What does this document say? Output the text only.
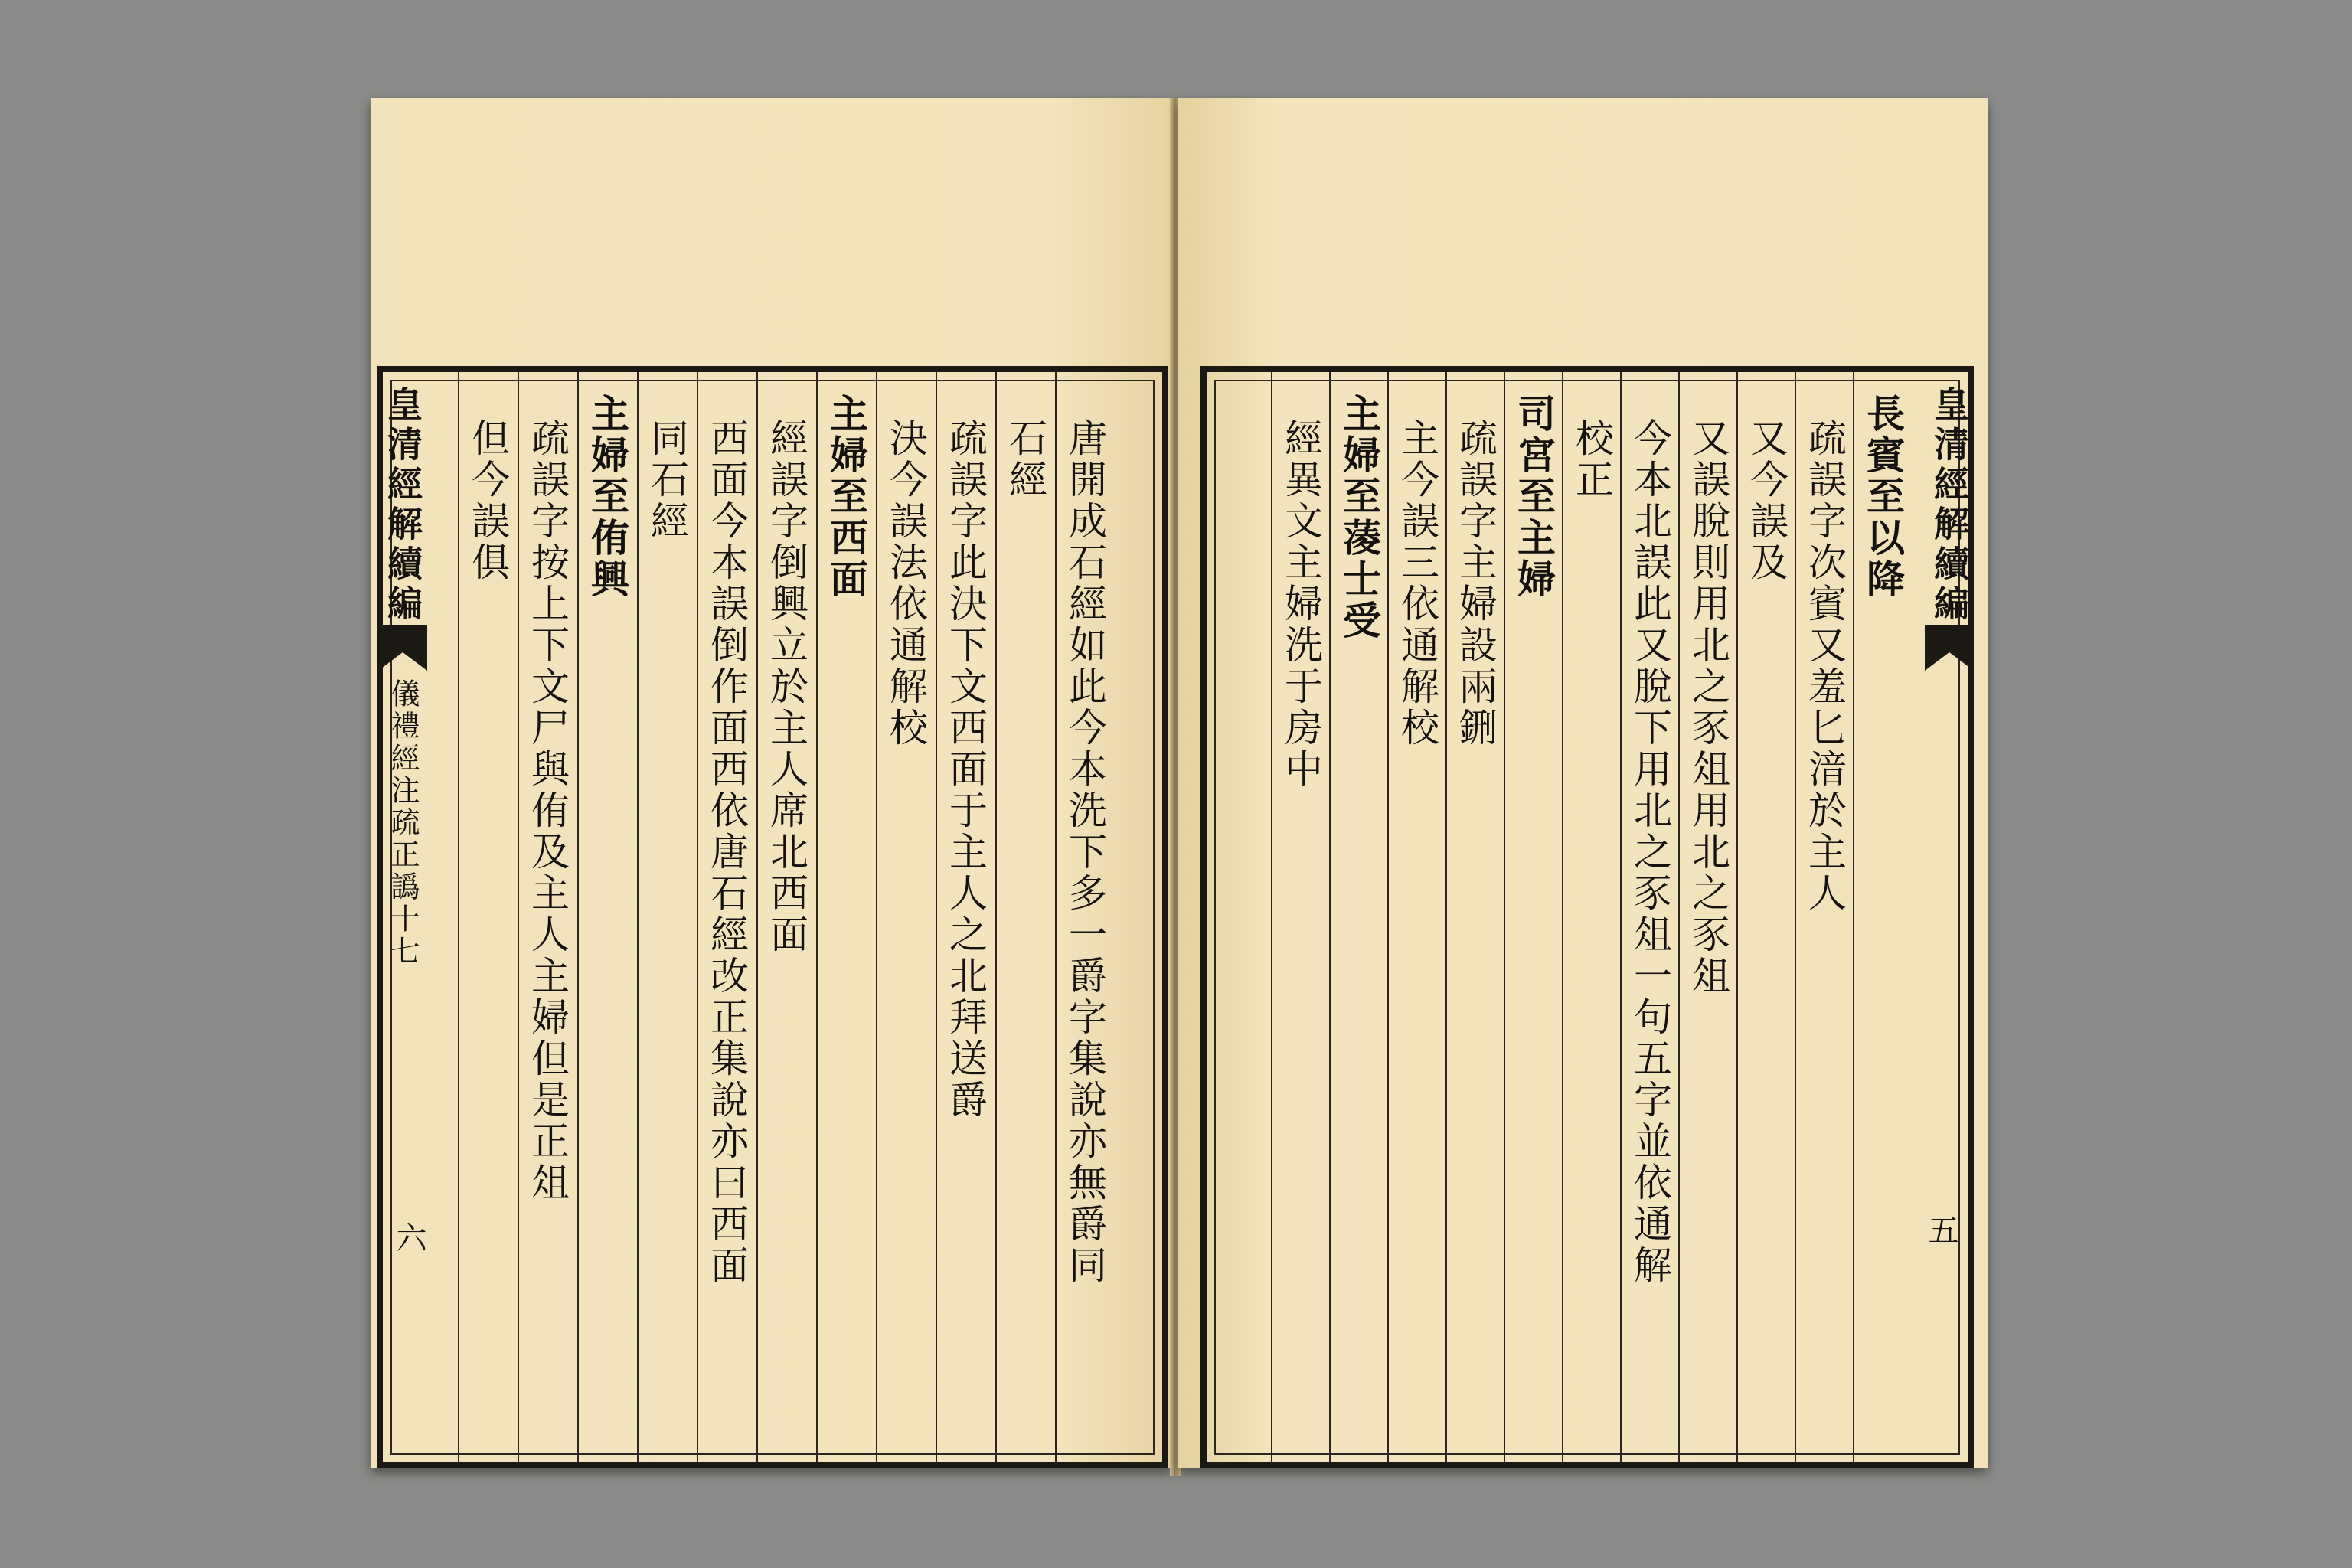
唐開成石經如此今本洗下多一爵字集說亦無爵同
石經
疏誤字此決下文西面于主人之北拜送爵
決今誤法依通解校
主婦至西面
經誤字倒興立於主人席北西面
西面今本誤倒作面西依唐石經改正集說亦曰西面
同石經
主婦至侑興
疏誤字按上下文尸與侑及主人主婦但是正俎
但今誤俱
皇清經解續編
儀禮經注疏正譌十七
六
長賓至以降
疏誤字次賓又羞匕湆於主人
又今誤及
又誤脫則用北之豕俎用北之豕俎
今本北誤此又脫下用北之豕俎一句五字並依通解
校正
司宮至主婦
疏誤字主婦設兩鉶
主今誤三依通解校
主婦至蓤士受
經異文主婦洗于房中	皇清經解續編
五
